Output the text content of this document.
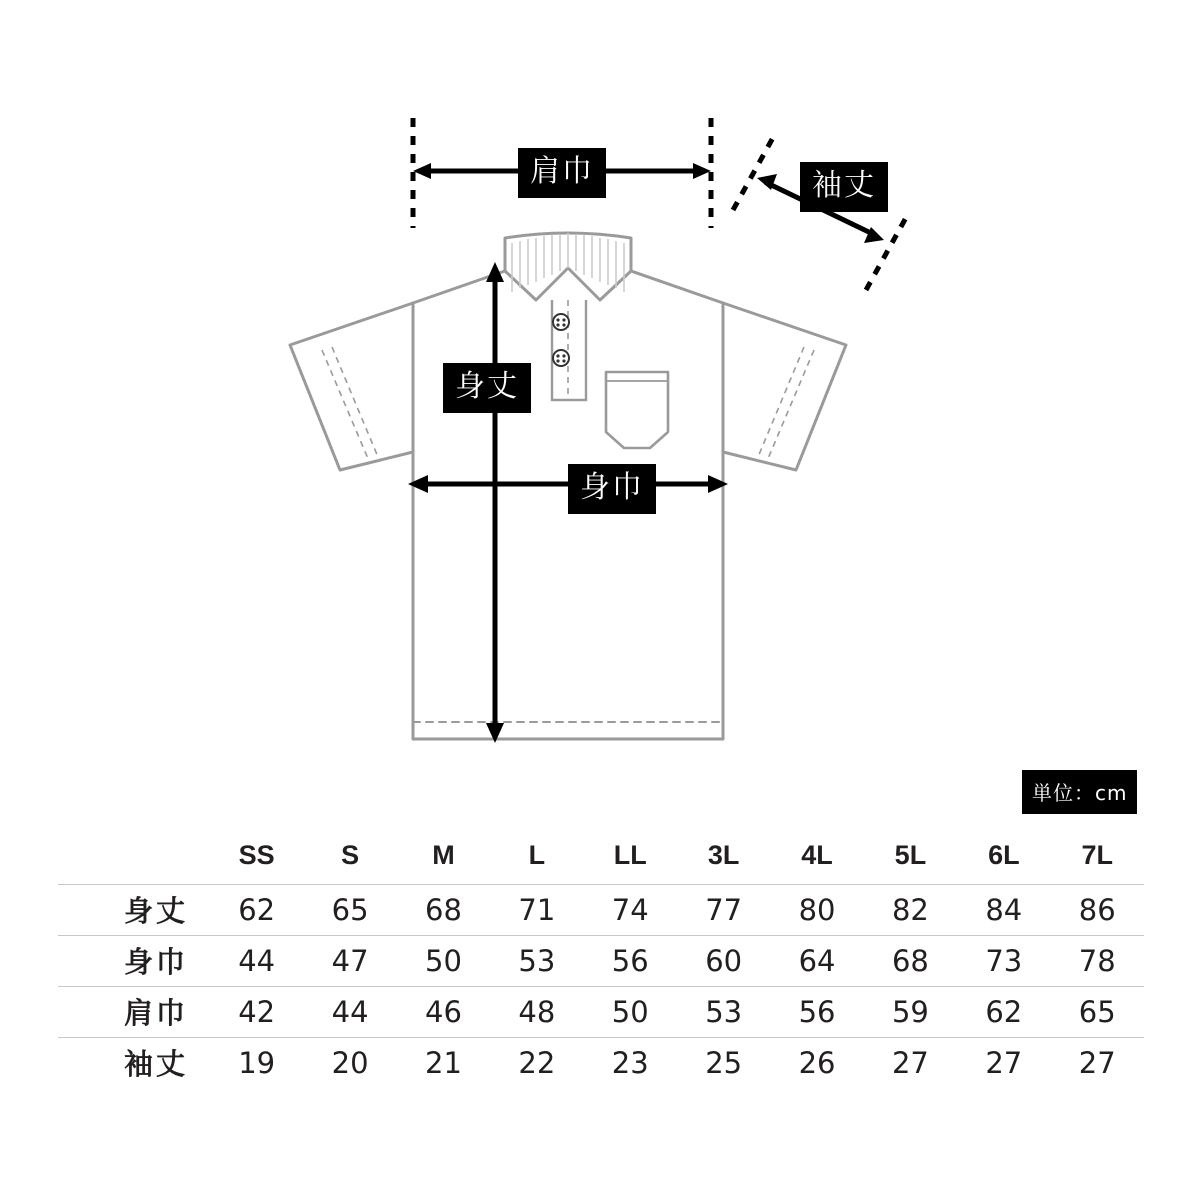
肩巾	袖丈
身丈
身巾
単位：cm
	SS	S	M	L	LL	3L	4L	5L	6L	7L
身丈	62	65	68	71	74	77	80	82	84	86
身巾	44	47	50	53	56	60	64	68	73	78
肩巾	42	44	46	48	50	53	56	59	62	65
袖丈	19	20	21	22	23	25	26	27	27	27
